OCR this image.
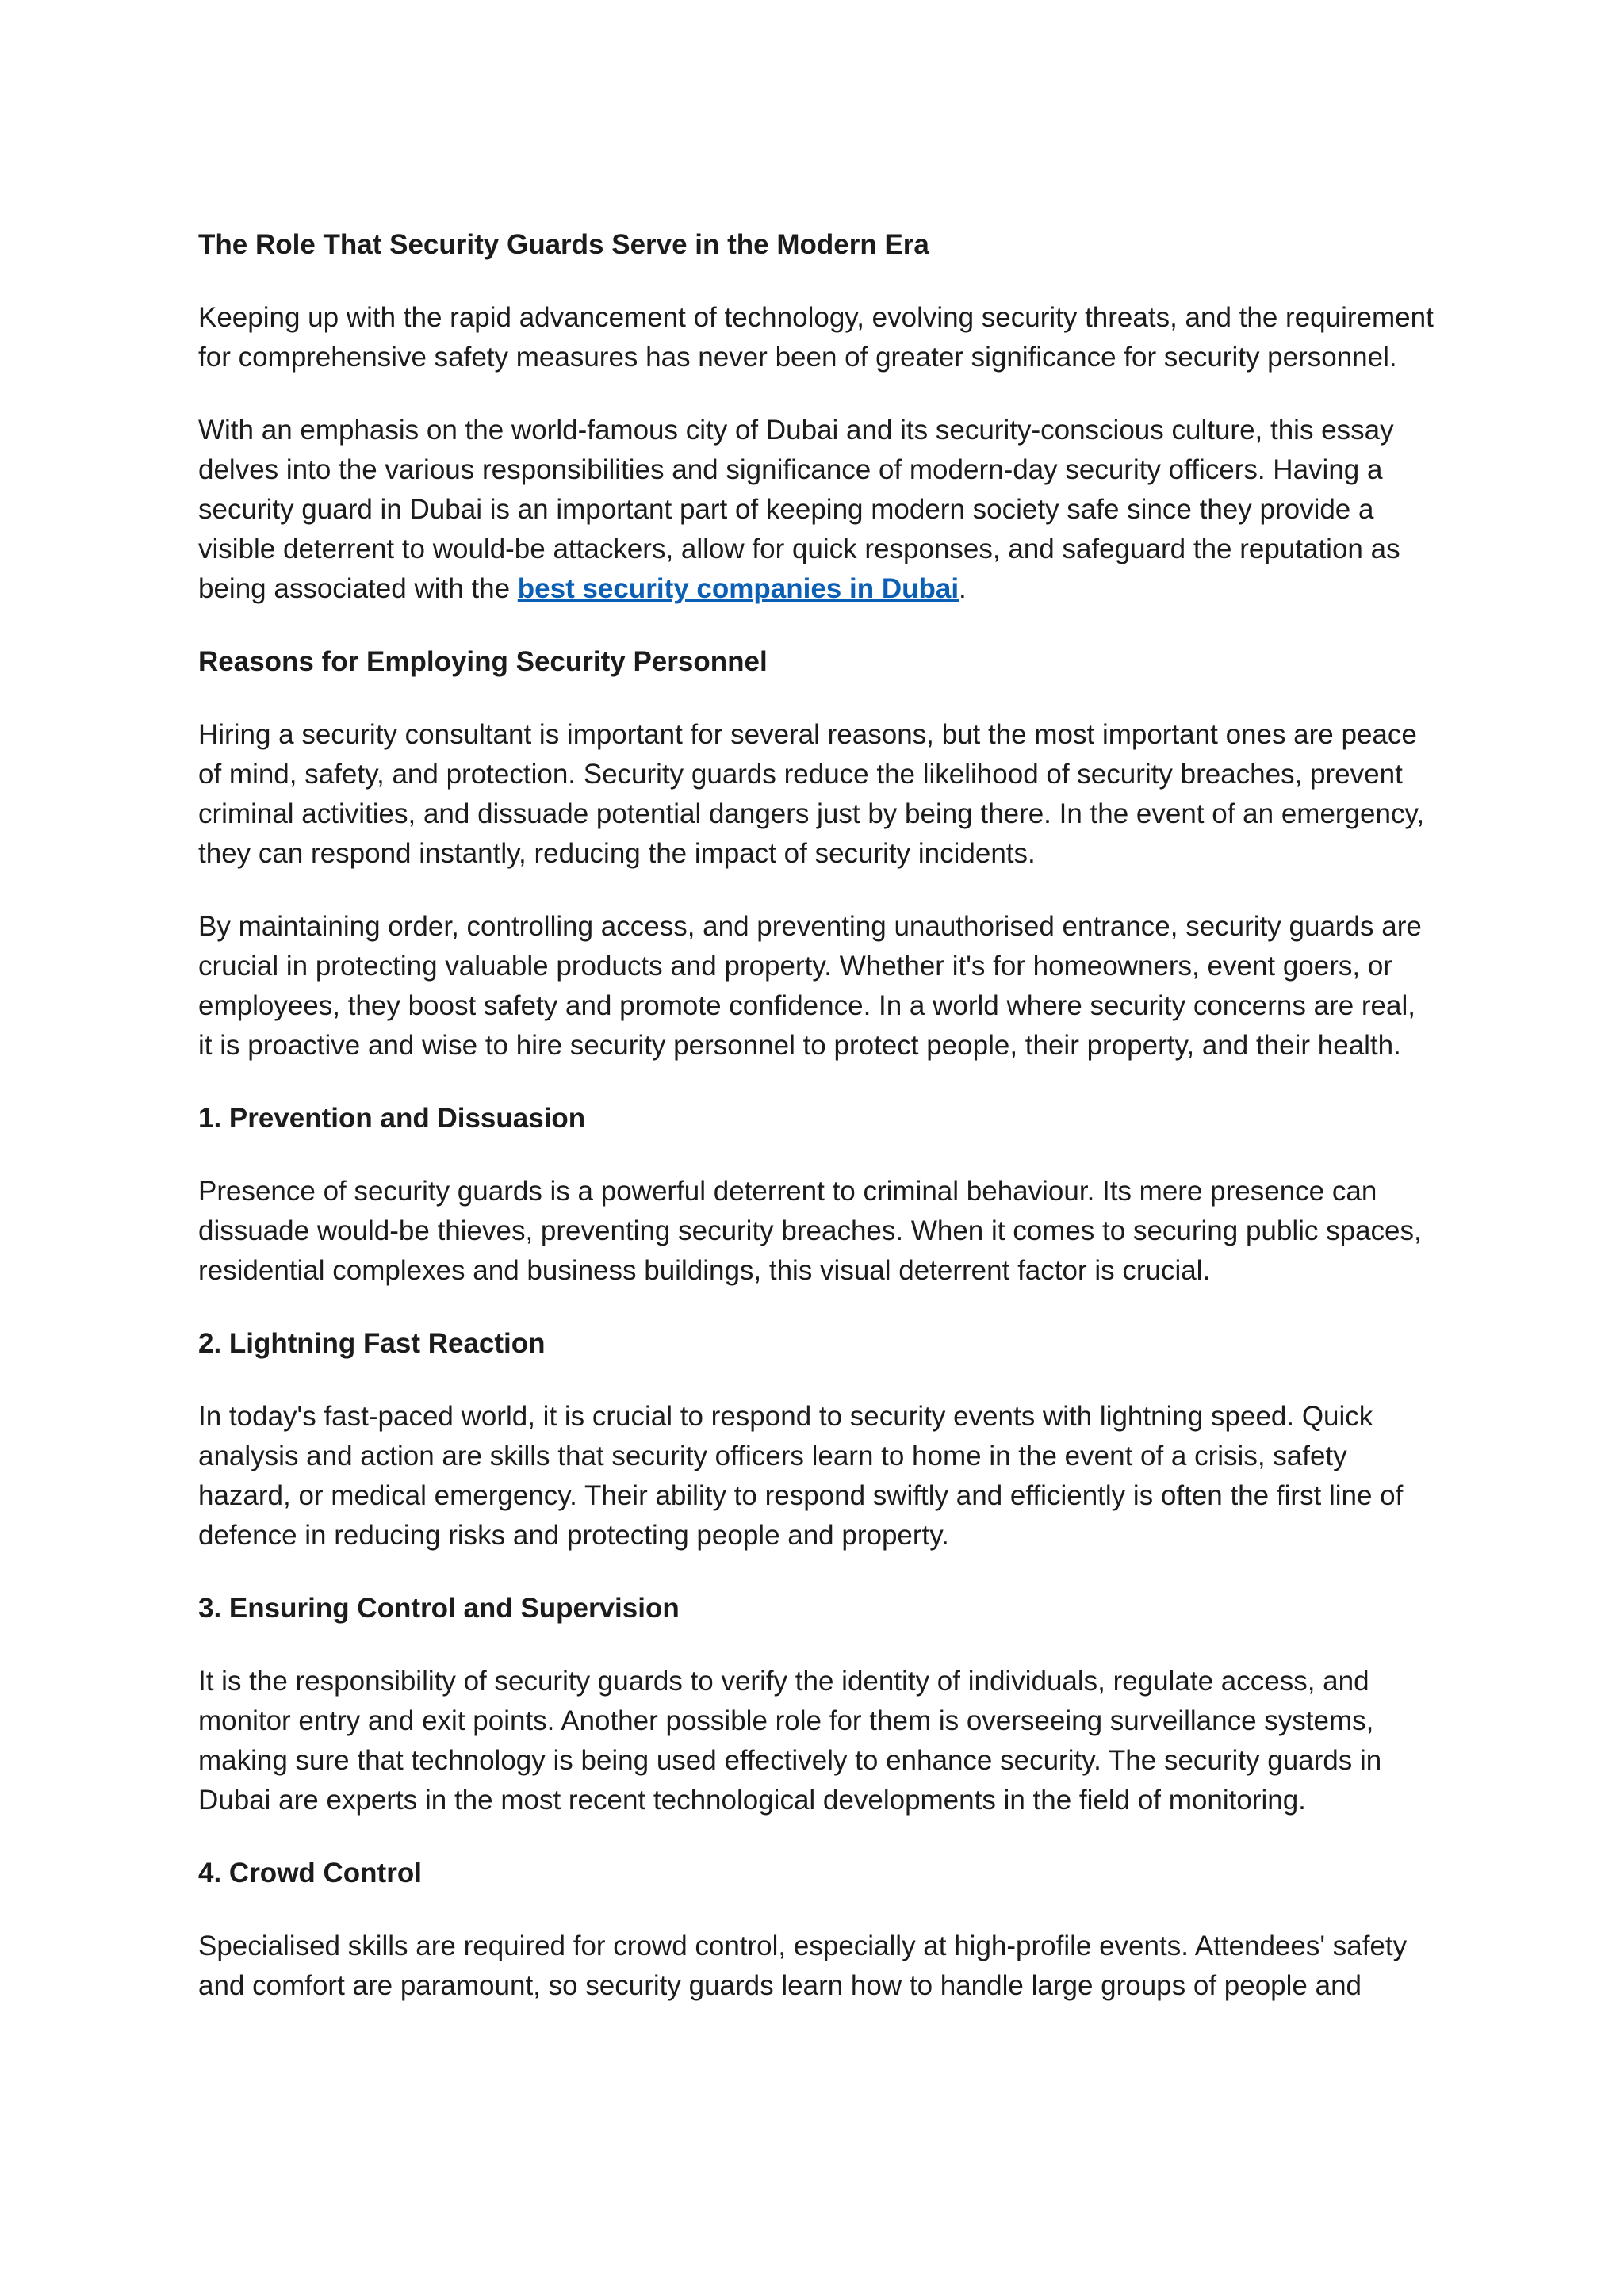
The Role That Security Guards Serve in the Modern Era

Keeping up with the rapid advancement of technology, evolving security threats, and the requirement for comprehensive safety measures has never been of greater significance for security personnel.

With an emphasis on the world-famous city of Dubai and its security-conscious culture, this essay delves into the various responsibilities and significance of modern-day security officers. Having a security guard in Dubai is an important part of keeping modern society safe since they provide a visible deterrent to would-be attackers, allow for quick responses, and safeguard the reputation as being associated with the best security companies in Dubai.

Reasons for Employing Security Personnel

Hiring a security consultant is important for several reasons, but the most important ones are peace of mind, safety, and protection. Security guards reduce the likelihood of security breaches, prevent criminal activities, and dissuade potential dangers just by being there. In the event of an emergency, they can respond instantly, reducing the impact of security incidents.

By maintaining order, controlling access, and preventing unauthorised entrance, security guards are crucial in protecting valuable products and property. Whether it's for homeowners, event goers, or employees, they boost safety and promote confidence. In a world where security concerns are real, it is proactive and wise to hire security personnel to protect people, their property, and their health.

1. Prevention and Dissuasion

Presence of security guards is a powerful deterrent to criminal behaviour. Its mere presence can dissuade would-be thieves, preventing security breaches. When it comes to securing public spaces, residential complexes and business buildings, this visual deterrent factor is crucial.

2. Lightning Fast Reaction

In today's fast-paced world, it is crucial to respond to security events with lightning speed. Quick analysis and action are skills that security officers learn to home in the event of a crisis, safety hazard, or medical emergency. Their ability to respond swiftly and efficiently is often the first line of defence in reducing risks and protecting people and property.

3. Ensuring Control and Supervision

It is the responsibility of security guards to verify the identity of individuals, regulate access, and monitor entry and exit points. Another possible role for them is overseeing surveillance systems, making sure that technology is being used effectively to enhance security. The security guards in Dubai are experts in the most recent technological developments in the field of monitoring.

4. Crowd Control

Specialised skills are required for crowd control, especially at high-profile events. Attendees' safety and comfort are paramount, so security guards learn how to handle large groups of people and
